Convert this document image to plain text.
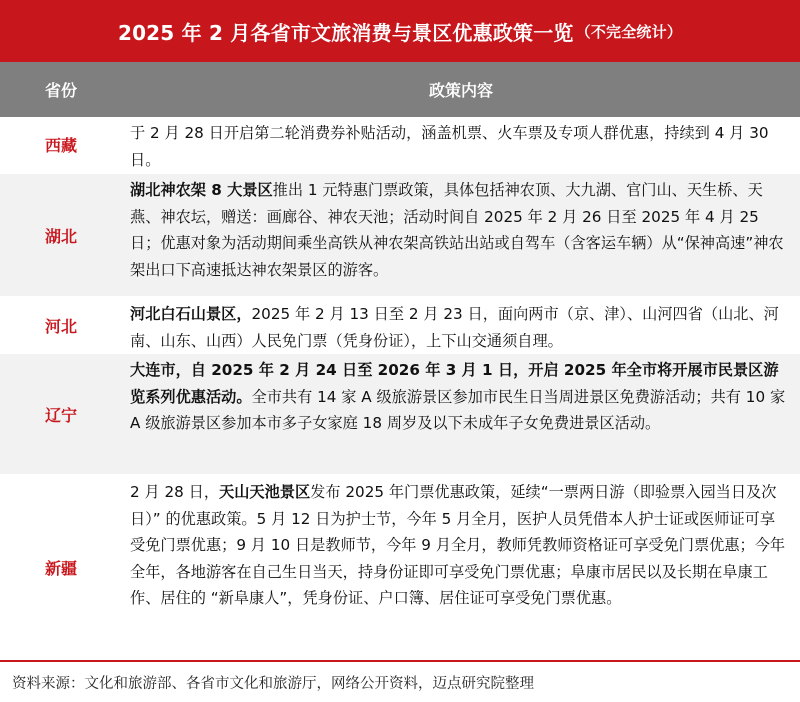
2025 年 2 月各省市文旅消费与景区优惠政策一览 （不完全统计）
省份	政策内容
西藏
于 2 月 28 日开启第二轮消费券补贴活动，涵盖机票、火车票及专项人群优惠，持续到 4 月 30 日。
湖北
湖北神农架 8 大景区推出 1 元特惠门票政策，具体包括神农顶、大九湖、官门山、天生桥、天燕、神农坛，赠送：画廊谷、神农天池；活动时间自 2025 年 2 月 26 日至 2025 年 4 月 25 日；优惠对象为活动期间乘坐高铁从神农架高铁站出站或自驾车（含客运车辆）从“保神高速”神农架出口下高速抵达神农架景区的游客。
河北
河北白石山景区，2025 年 2 月 13 日至 2 月 23 日，面向两市（京、津）、山河四省（山北、河南、山东、山西）人民免门票（凭身份证），上下山交通须自理。
辽宁
大连市，自 2025 年 2 月 24 日至 2026 年 3 月 1 日，开启 2025 年全市将开展市民景区游览系列优惠活动。全市共有 14 家 A 级旅游景区参加市民生日当周进景区免费游活动；共有 10 家 A 级旅游景区参加本市多子女家庭 18 周岁及以下未成年子女免费进景区活动。
新疆
2 月 28 日，天山天池景区发布 2025 年门票优惠政策，延续“一票两日游（即验票入园当日及次日）” 的优惠政策。5 月 12 日为护士节，今年 5 月全月，医护人员凭借本人护士证或医师证可享受免门票优惠；9 月 10 日是教师节，今年 9 月全月，教师凭教师资格证可享受免门票优惠；今年全年，各地游客在自己生日当天，持身份证即可享受免门票优惠；阜康市居民以及长期在阜康工作、居住的 “新阜康人”，凭身份证、户口簿、居住证可享受免门票优惠。
资料来源：文化和旅游部、各省市文化和旅游厅，网络公开资料，迈点研究院整理
